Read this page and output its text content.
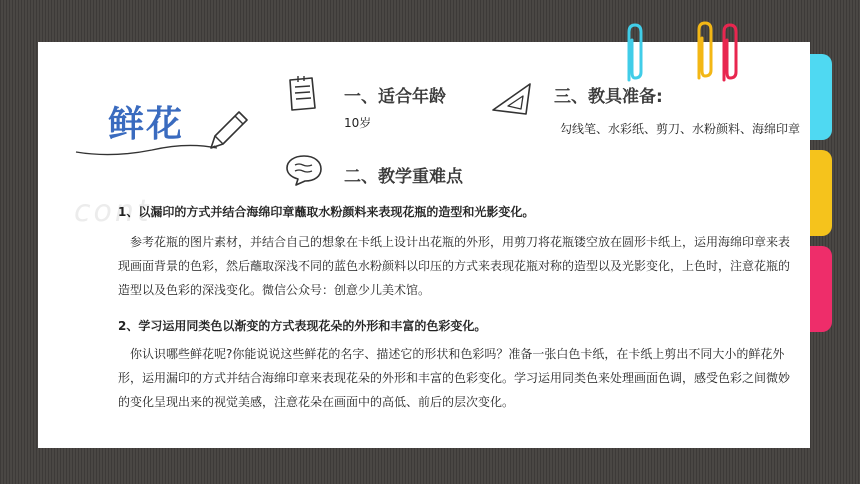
cont
鲜花
一、适合年龄
10岁
三、教具准备:
勾线笔、水彩纸、剪刀、水粉颜料、海绵印章
二、教学重难点
1、以漏印的方式并结合海绵印章蘸取水粉颜料来表现花瓶的造型和光影变化。
参考花瓶的图片素材，并结合自己的想象在卡纸上设计出花瓶的外形，用剪刀将花瓶镂空放在圆形卡纸上，运用海绵印章来表现画面背景的色彩，然后蘸取深浅不同的蓝色水粉颜料以印压的方式来表现花瓶对称的造型以及光影变化，上色时，注意花瓶的造型以及色彩的深浅变化。微信公众号：创意少儿美术馆。
2、学习运用同类色以渐变的方式表现花朵的外形和丰富的色彩变化。
你认识哪些鲜花呢?你能说说这些鲜花的名字、描述它的形状和色彩吗？准备一张白色卡纸，在卡纸上剪出不同大小的鲜花外形，运用漏印的方式并结合海绵印章来表现花朵的外形和丰富的色彩变化。学习运用同类色来处理画面色调，感受色彩之间微妙的变化呈现出来的视觉美感，注意花朵在画面中的高低、前后的层次变化。
